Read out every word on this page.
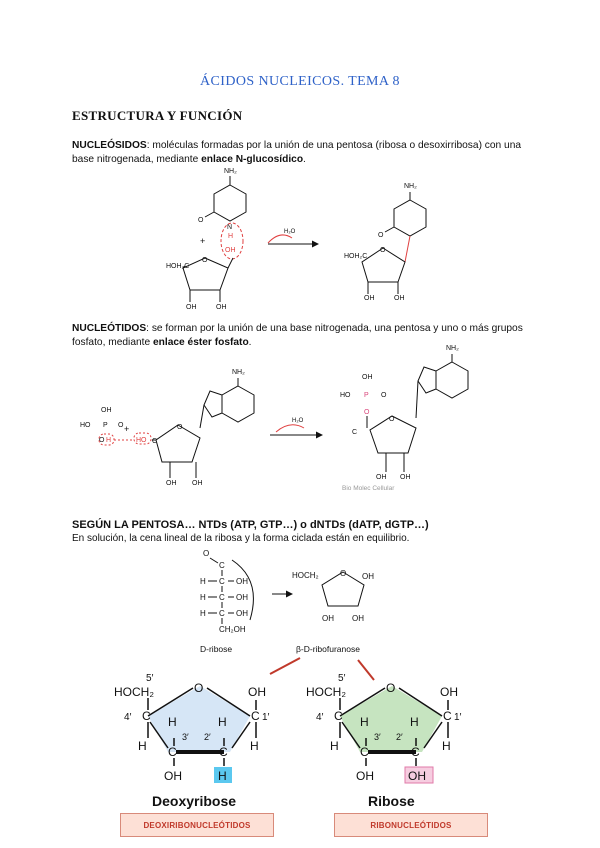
ÁCIDOS NUCLEICOS. TEMA 8
ESTRUCTURA Y FUNCIÓN
NUCLEÓSIDOS: moléculas formadas por la unión de una pentosa (ribosa o desoxirribosa) con una base nitrogenada, mediante enlace N-glucosídico.
NUCLEÓTIDOS: se forman por la unión de una base nitrogenada, una pentosa y uno o más grupos fosfato, mediante enlace éster fosfato.
SEGÚN LA PENTOSA… NTDs (ATP, GTP…) o dNTDs (dATP, dGTP…)
En solución, la cena lineal de la ribosa y la forma ciclada están en equilibrio.
NH₂
O
N
H
OH
+
HOH₂C
O
OH	OH
H₂O
NH₂
O
HOH₂C
O
OH	OH
OH
HO P O
O H
+
HO
NH₂
C
O
OH OH
H₂O
OH
HO P O
O
NH₂
C
O
OH OH
Bio Molec Cellular
O
C
H C OH
H C OH
H C OH
CH₂OH
D-ribose
HOCH₂	O OH
OH OH
β-D-ribofuranose
5′
HOCH₂	O
4′ C	C 1′
OH
H	H
3′ 2′
C	C
H	H
OH	H
Deoxyribose
5′
HOCH₂	O
4′ C	C 1′
OH
H	H
3′ 2′
C	C
H	H
OH	OH
Ribose
DEOXIRIBONUCLEÓTIDOS	RIBONUCLEÓTIDOS
